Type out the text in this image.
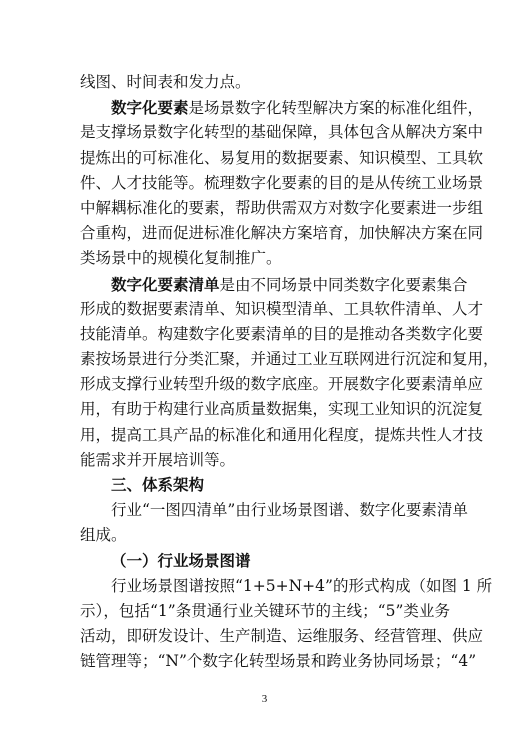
线图、时间表和发力点。
数字化要素是场景数字化转型解决方案的标准化组件，
是支撑场景数字化转型的基础保障，具体包含从解决方案中
提炼出的可标准化、易复用的数据要素、知识模型、工具软
件、人才技能等。梳理数字化要素的目的是从传统工业场景
中解耦标准化的要素，帮助供需双方对数字化要素进一步组
合重构，进而促进标准化解决方案培育，加快解决方案在同
类场景中的规模化复制推广。
数字化要素清单是由不同场景中同类数字化要素集合
形成的数据要素清单、知识模型清单、工具软件清单、人才
技能清单。构建数字化要素清单的目的是推动各类数字化要
素按场景进行分类汇聚，并通过工业互联网进行沉淀和复用，
形成支撑行业转型升级的数字底座。开展数字化要素清单应
用，有助于构建行业高质量数据集，实现工业知识的沉淀复
用，提高工具产品的标准化和通用化程度，提炼共性人才技
能需求并开展培训等。
三、体系架构
行业“一图四清单”由行业场景图谱、数字化要素清单
组成。
（一）行业场景图谱
行业场景图谱按照“1+5+N+4”的形式构成（如图 1 所
示），包括“1”条贯通行业关键环节的主线；“5”类业务
活动，即研发设计、生产制造、运维服务、经营管理、供应
链管理等；“N”个数字化转型场景和跨业务协同场景；“4”
3
